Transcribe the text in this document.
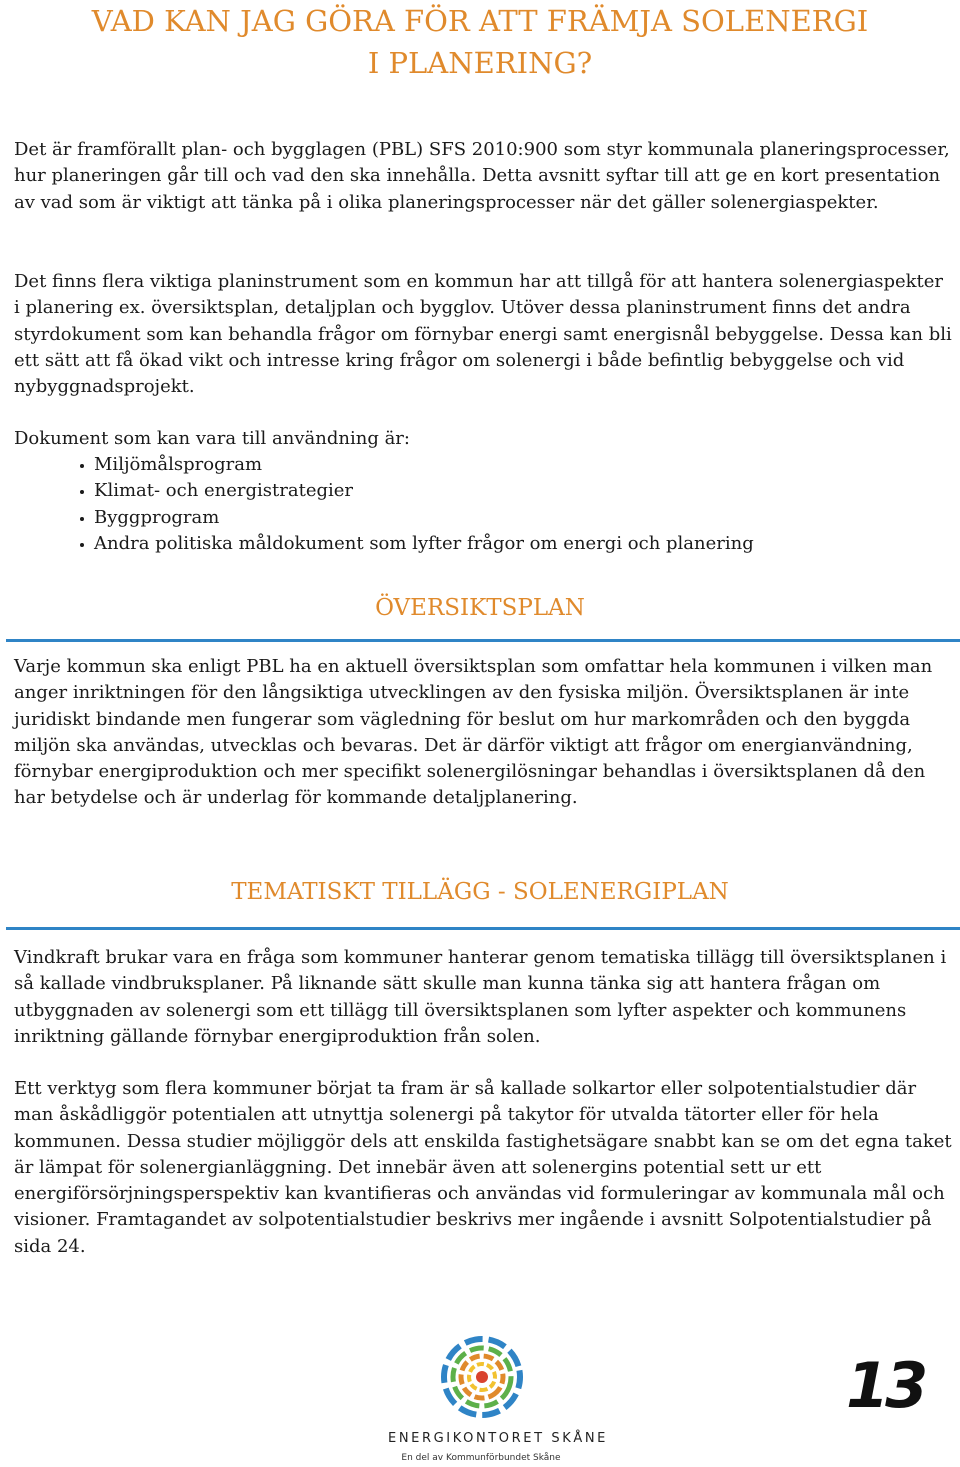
VAD KAN JAG GÖRA FÖR ATT FRÄMJA SOLENERGI
I PLANERING?

Det är framförallt plan- och bygglagen (PBL) SFS 2010:900 som styr kommunala planeringsprocesser, hur planeringen går till och vad den ska innehålla. Detta avsnitt syftar till att ge en kort presentation av vad som är viktigt att tänka på i olika planeringsprocesser när det gäller solenergiaspekter.

Det finns flera viktiga planinstrument som en kommun har att tillgå för att hantera solenergiaspekter i planering ex. översiktsplan, detaljplan och bygglov. Utöver dessa planinstrument finns det andra styrdokument som kan behandla frågor om förnybar energi samt energisnål bebyggelse. Dessa kan bli ett sätt att få ökad vikt och intresse kring frågor om solenergi i både befintlig bebyggelse och vid nybyggnadsprojekt.

Dokument som kan vara till användning är:

Miljömålsprogram
Klimat- och energistrategier
Byggprogram
Andra politiska måldokument som lyfter frågor om energi och planering
ÖVERSIKTSPLAN

Varje kommun ska enligt PBL ha en aktuell översiktsplan som omfattar hela kommunen i vilken man anger inriktningen för den långsiktiga utvecklingen av den fysiska miljön. Översiktsplanen är inte juridiskt bindande men fungerar som vägledning för beslut om hur markområden och den byggda miljön ska användas, utvecklas och bevaras. Det är därför viktigt att frågor om energianvändning, förnybar energiproduktion och mer specifikt solenergilösningar behandlas i översiktsplanen då den har betydelse och är underlag för kommande detaljplanering.

TEMATISKT TILLÄGG - SOLENERGIPLAN

Vindkraft brukar vara en fråga som kommuner hanterar genom tematiska tillägg till översiktsplanen i så kallade vindbruksplaner. På liknande sätt skulle man kunna tänka sig att hantera frågan om utbyggnaden av solenergi som ett tillägg till översiktsplanen som lyfter aspekter och kommunens inriktning gällande förnybar energiproduktion från solen.

Ett verktyg som flera kommuner börjat ta fram är så kallade solkartor eller solpotentialstudier där man åskådliggör potentialen att utnyttja solenergi på takytor för utvalda tätorter eller för hela kommunen. Dessa studier möjliggör dels att enskilda fastighetsägare snabbt kan se om det egna taket är lämpat för solenergianläggning. Det innebär även att solenergins potential sett ur ett energiförsörjningsperspektiv kan kvantifieras och användas vid formuleringar av kommunala mål och visioner. Framtagandet av solpotentialstudier beskrivs mer ingående i avsnitt Solpotentialstudier på sida 24.

ENERGIKONTORET SKÅNE
En del av Kommunförbundet Skåne
13
